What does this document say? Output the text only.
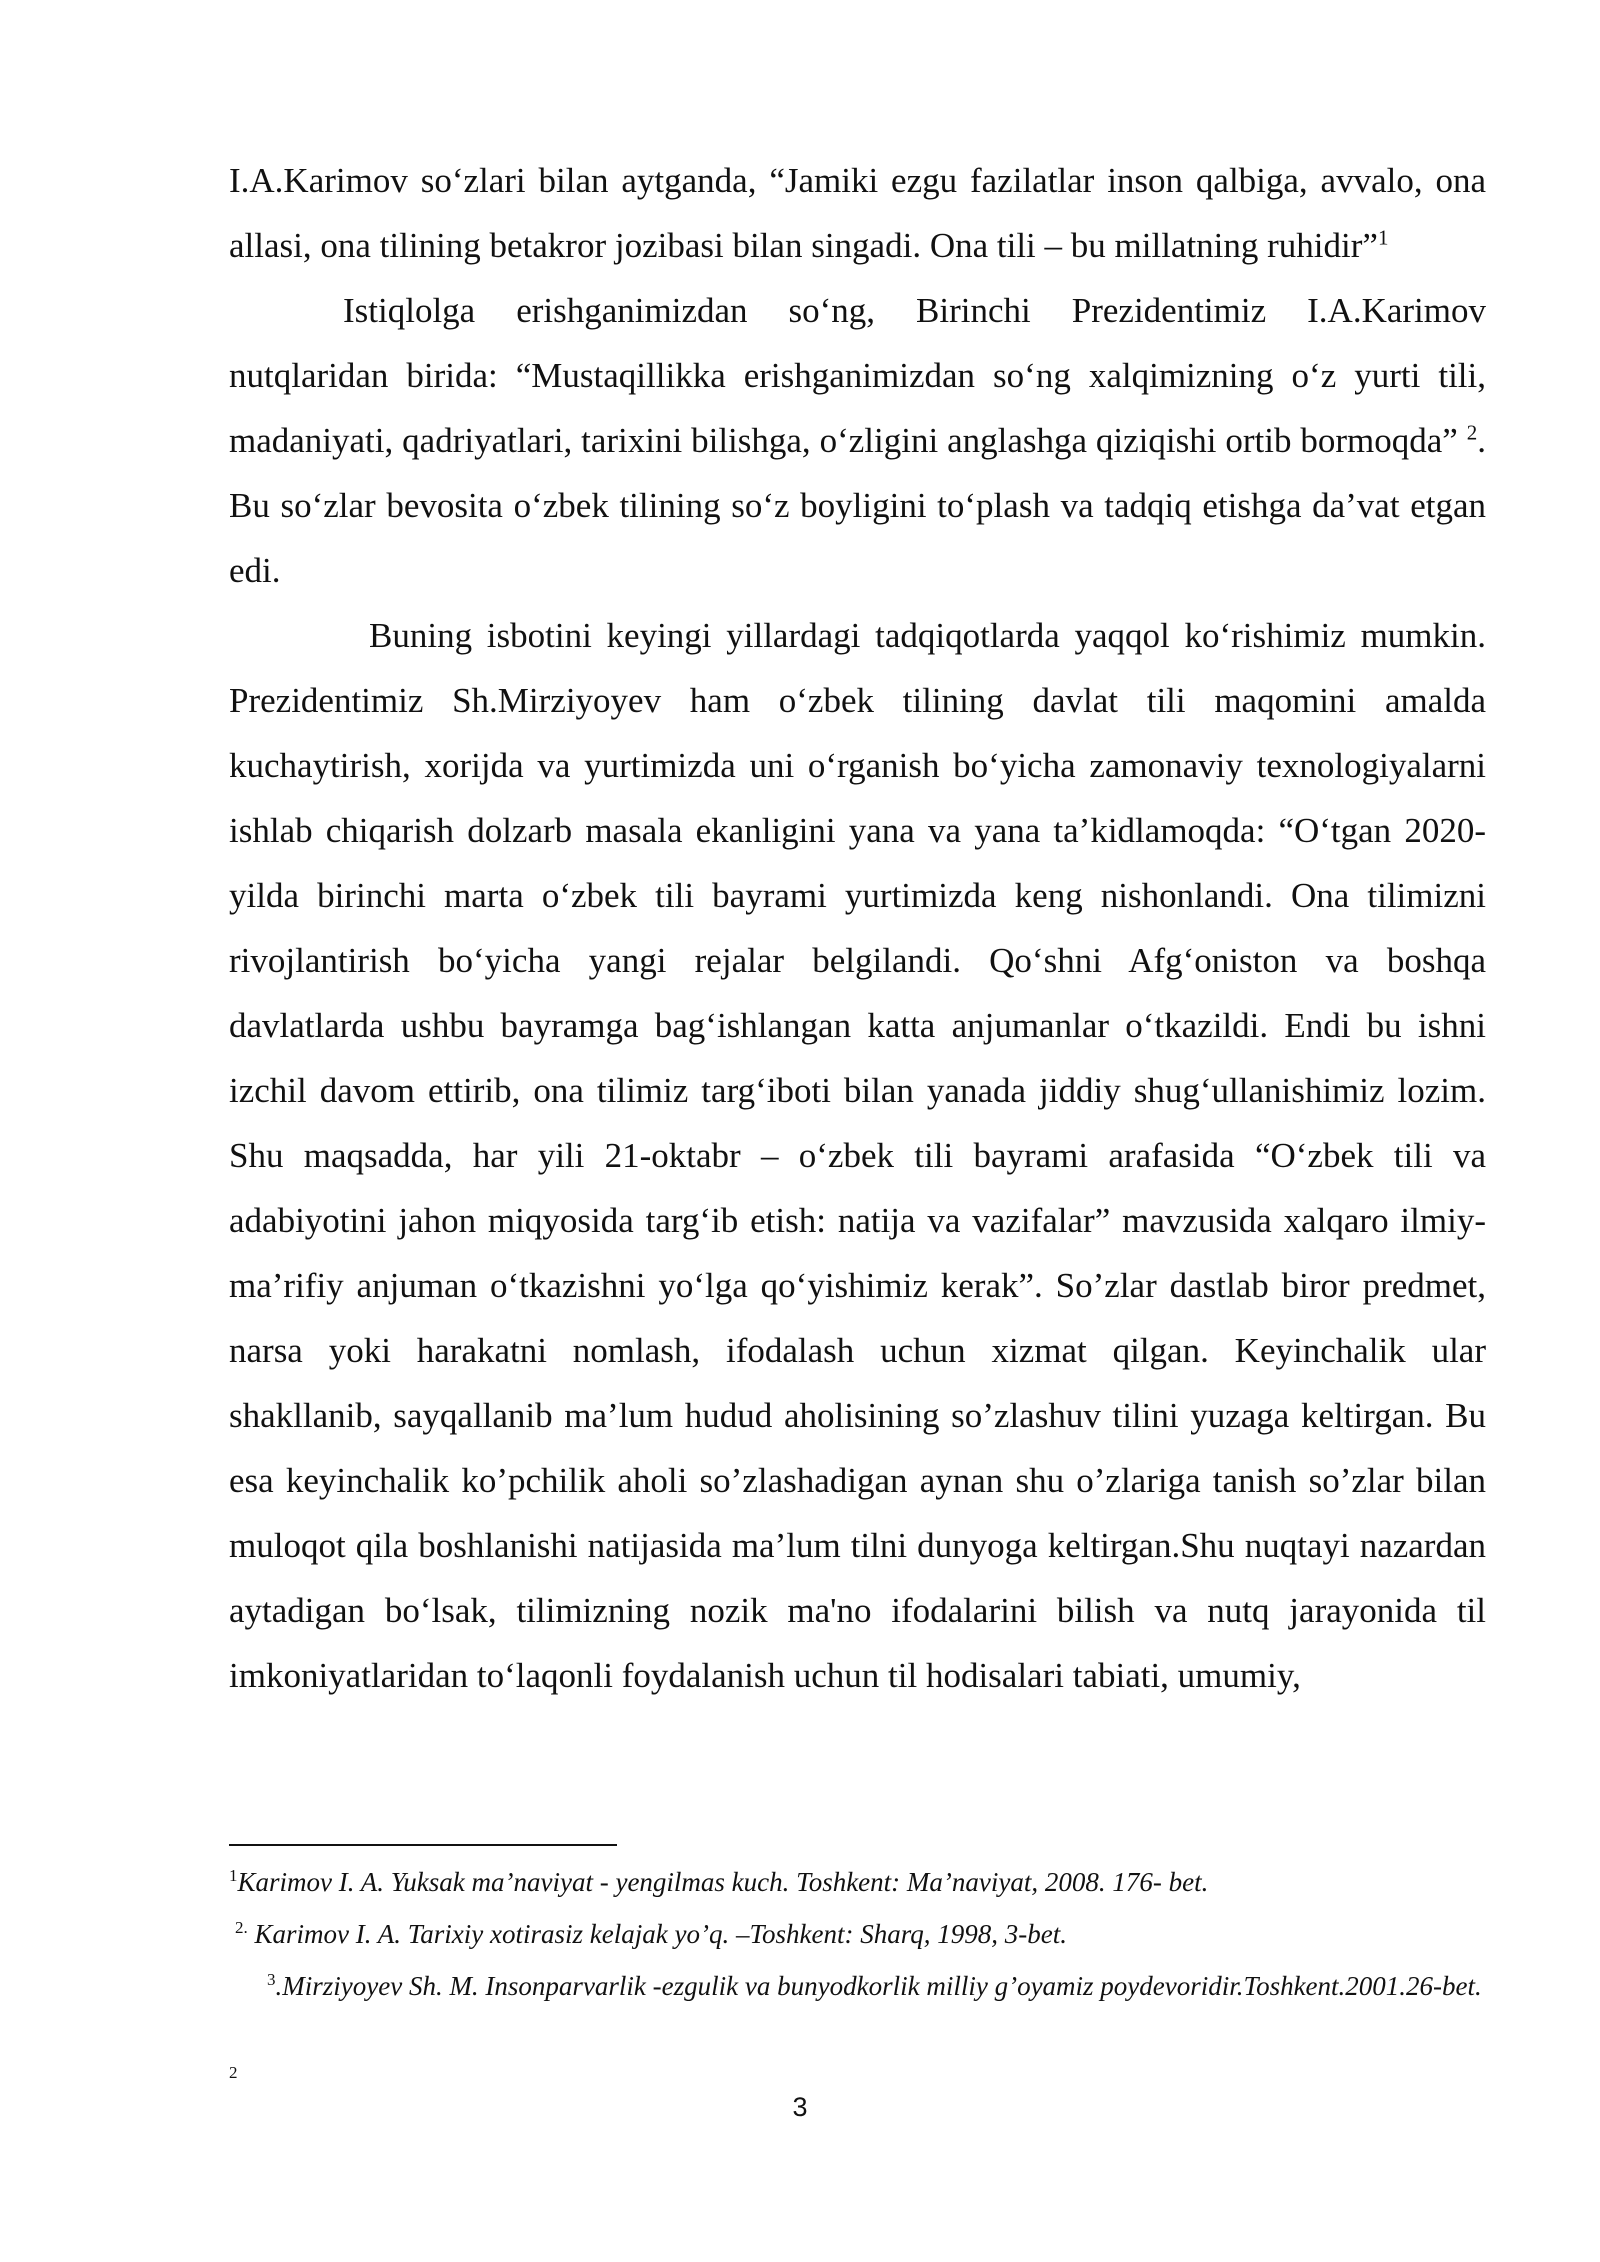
I.A.Karimov so‘zlari bilan aytganda, “Jamiki ezgu fazilatlar inson qalbiga, avvalo, ona allasi, ona tilining betakror jozibasi bilan singadi. Ona tili – bu millatning ruhidir”$^1$

Istiqlolga erishganimizdan so‘ng, Birinchi Prezidentimiz I.A.Karimov nutqlaridan birida: “Mustaqillikka erishganimizdan so‘ng xalqimizning o‘z yurti tili, madaniyati, qadriyatlari, tarixini bilishga, o‘zligini anglashga qiziqishi ortib bormoqda” $^2$. Bu so‘zlar bevosita o‘zbek tilining so‘z boyligini to‘plash va tadqiq etishga da’vat etgan edi.

Buning isbotini keyingi yillardagi tadqiqotlarda yaqqol ko‘rishimiz mumkin. Prezidentimiz Sh.Mirziyoyev ham o‘zbek tilining davlat tili maqomini amalda kuchaytirish, xorijda va yurtimizda uni o‘rganish bo‘yicha zamonaviy texnologiyalarni ishlab chiqarish dolzarb masala ekanligini yana va yana ta’kidlamoqda: “O‘tgan 2020-yilda birinchi marta o‘zbek tili bayrami yurtimizda keng nishonlandi. Ona tilimizni rivojlantirish bo‘yicha yangi rejalar belgilandi. Qo‘shni Afg‘oniston va boshqa davlatlarda ushbu bayramga bag‘ishlangan katta anjumanlar o‘tkazildi. Endi bu ishni izchil davom ettirib, ona tilimiz targ‘iboti bilan yanada jiddiy shug‘ullanishimiz lozim. Shu maqsadda, har yili 21-oktabr – o‘zbek tili bayrami arafasida “O‘zbek tili va adabiyotini jahon miqyosida targ‘ib etish: natija va vazifalar” mavzusida xalqaro ilmiy-ma’rifiy anjuman o‘tkazishni yo‘lga qo‘yishimiz kerak”. So’zlar dastlab biror predmet, narsa yoki harakatni nomlash, ifodalash uchun xizmat qilgan. Keyinchalik ular shakllanib, sayqallanib ma’lum hudud aholisining so’zlashuv tilini yuzaga keltirgan. Bu esa keyinchalik ko’pchilik aholi so’zlashadigan aynan shu o’zlariga tanish so’zlar bilan muloqot qila boshlanishi natijasida ma’lum tilni dunyoga keltirgan.Shu nuqtayi nazardan aytadigan bo‘lsak, tilimizning nozik ma'no ifodalarini bilish va nutq jarayonida til imkoniyatlaridan to‘laqonli foydalanish uchun til hodisalari tabiati, umumiy,

$^1$Karimov I. A. Yuksak ma’naviyat - yengilmas kuch. Toshkent: Ma’naviyat, 2008. 176- bet.

$^{2.}$ Karimov I. A. Tarixiy xotirasiz kelajak yo’q. –Toshkent: Sharq, 1998, 3-bet.

$^3$.Mirziyoyev Sh. M. Insonparvarlik -ezgulik va bunyodkorlik milliy g’oyamiz poydevoridir.Toshkent.2001.26-bet.

2
3
